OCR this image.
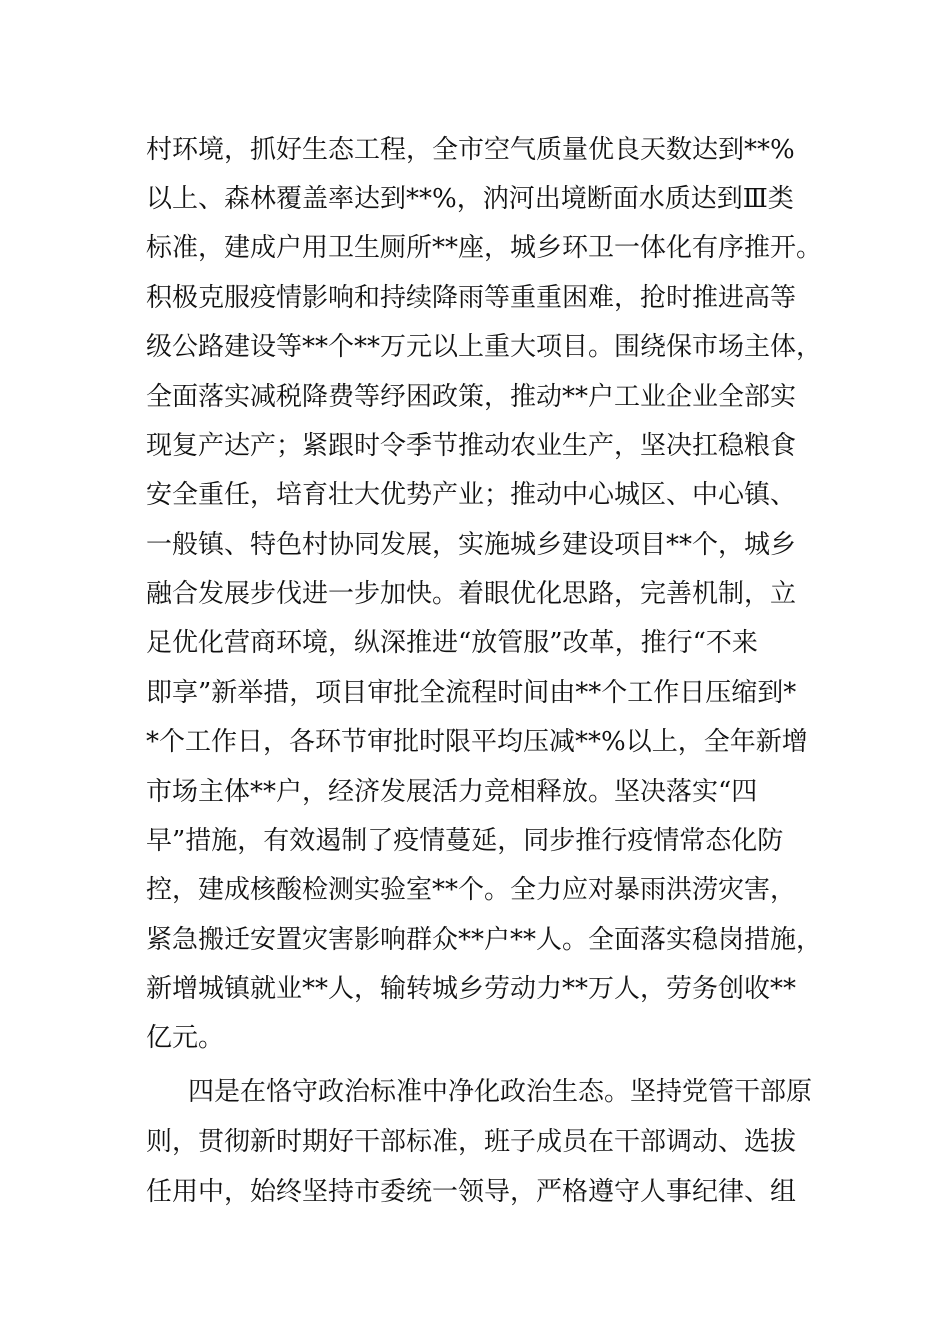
村环境，抓好生态工程，全市空气质量优良天数达到**%
以上、森林覆盖率达到**%，汭河出境断面水质达到Ⅲ类
标准，建成户用卫生厕所**座，城乡环卫一体化有序推开。
积极克服疫情影响和持续降雨等重重困难，抢时推进高等
级公路建设等**个**万元以上重大项目。围绕保市场主体，
全面落实减税降费等纾困政策，推动**户工业企业全部实
现复产达产；紧跟时令季节推动农业生产，坚决扛稳粮食
安全重任，培育壮大优势产业；推动中心城区、中心镇、
一般镇、特色村协同发展，实施城乡建设项目**个，城乡
融合发展步伐进一步加快。着眼优化思路，完善机制，立
足优化营商环境，纵深推进“放管服”改革，推行“不来
即享”新举措，项目审批全流程时间由**个工作日压缩到*
*个工作日，各环节审批时限平均压减**%以上，全年新增
市场主体**户，经济发展活力竞相释放。坚决落实“四
早”措施，有效遏制了疫情蔓延，同步推行疫情常态化防
控，建成核酸检测实验室**个。全力应对暴雨洪涝灾害，
紧急搬迁安置灾害影响群众**户**人。全面落实稳岗措施，
新增城镇就业**人，输转城乡劳动力**万人，劳务创收**
亿元。
四是在恪守政治标准中净化政治生态。坚持党管干部原
则，贯彻新时期好干部标准，班子成员在干部调动、选拔
任用中，始终坚持市委统一领导，严格遵守人事纪律、组
